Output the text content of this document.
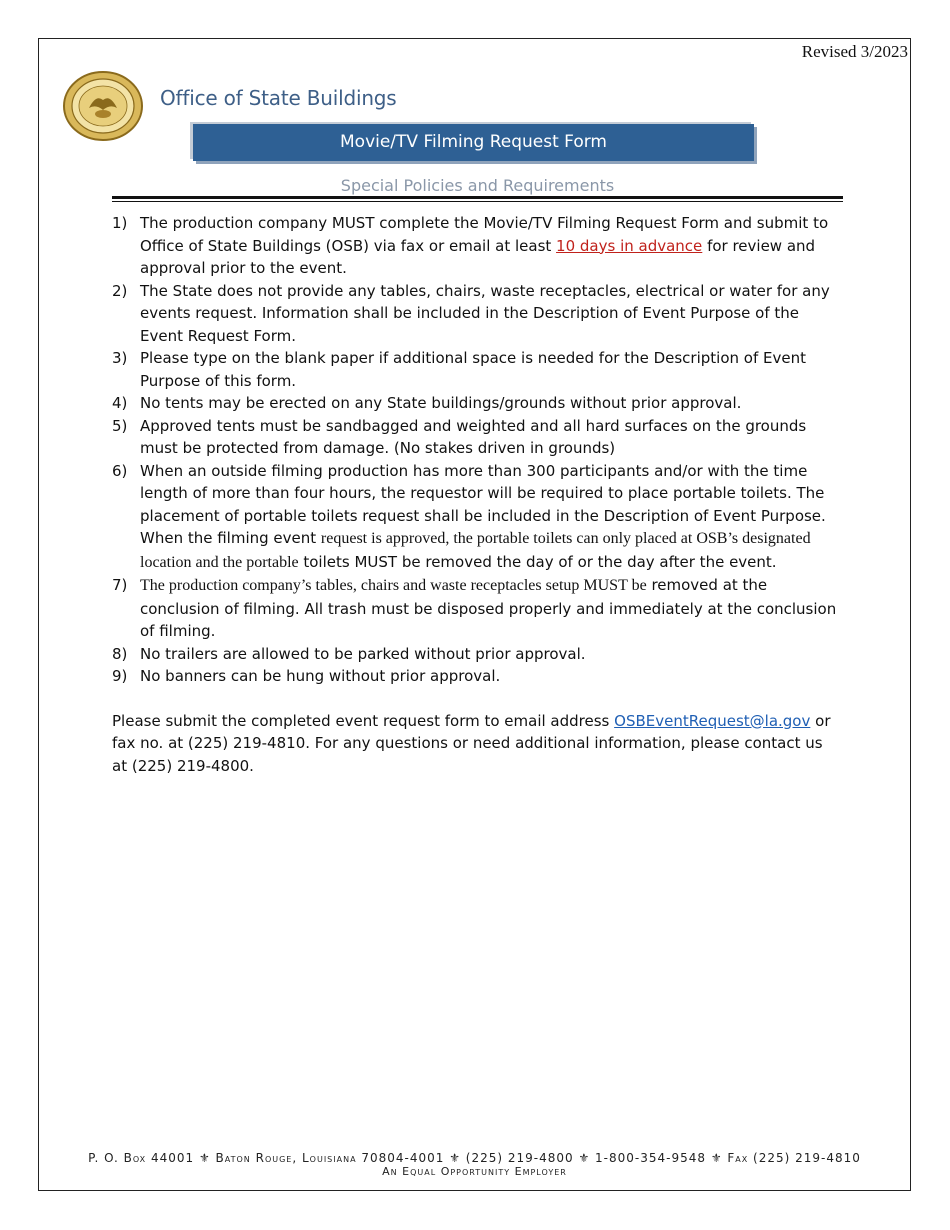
Revised 3/2023
Office of State Buildings
Movie/TV Filming Request Form
Special Policies and Requirements
1) The production company MUST complete the Movie/TV Filming Request Form and submit to Office of State Buildings (OSB) via fax or email at least 10 days in advance for review and approval prior to the event.
2) The State does not provide any tables, chairs, waste receptacles, electrical or water for any events request. Information shall be included in the Description of Event Purpose of the Event Request Form.
3) Please type on the blank paper if additional space is needed for the Description of Event Purpose of this form.
4) No tents may be erected on any State buildings/grounds without prior approval.
5) Approved tents must be sandbagged and weighted and all hard surfaces on the grounds must be protected from damage. (No stakes driven in grounds)
6) When an outside filming production has more than 300 participants and/or with the time length of more than four hours, the requestor will be required to place portable toilets. The placement of portable toilets request shall be included in the Description of Event Purpose. When the filming event request is approved, the portable toilets can only placed at OSB’s designated location and the portable toilets MUST be removed the day of or the day after the event.
7) The production company’s tables, chairs and waste receptacles setup MUST be removed at the conclusion of filming. All trash must be disposed properly and immediately at the conclusion of filming.
8) No trailers are allowed to be parked without prior approval.
9) No banners can be hung without prior approval.
Please submit the completed event request form to email address OSBEventRequest@la.gov or fax no. at (225) 219-4810. For any questions or need additional information, please contact us at (225) 219-4800.
P. O. Box 44001 ⚜ Baton Rouge, Louisiana 70804-4001 ⚜ (225) 219-4800 ⚜ 1-800-354-9548 ⚜ Fax (225) 219-4810
An Equal Opportunity Employer
